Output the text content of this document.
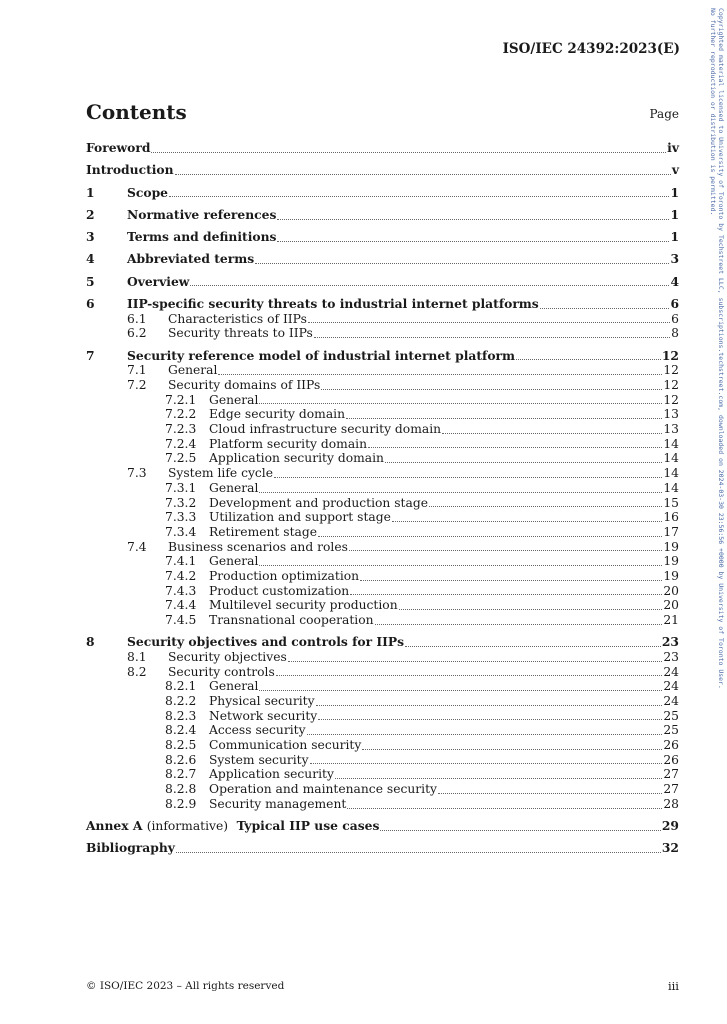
ISO/IEC 24392:2023(E)
Contents	Page
Foreword	iv
Introduction	v
1	Scope	1
2	Normative references	1
3	Terms and definitions	1
4	Abbreviated terms	3
5	Overview	4
6	IIP-specific security threats to industrial internet platforms	6
6.1	Characteristics of IIPs	6
6.2	Security threats to IIPs	8
7	Security reference model of industrial internet platform	12
7.1	General	12
7.2	Security domains of IIPs	12
7.2.1	General	12
7.2.2	Edge security domain	13
7.2.3	Cloud infrastructure security domain	13
7.2.4	Platform security domain	14
7.2.5	Application security domain	14
7.3	System life cycle	14
7.3.1	General	14
7.3.2	Development and production stage	15
7.3.3	Utilization and support stage	16
7.3.4	Retirement stage	17
7.4	Business scenarios and roles	19
7.4.1	General	19
7.4.2	Production optimization	19
7.4.3	Product customization	20
7.4.4	Multilevel security production	20
7.4.5	Transnational cooperation	21
8	Security objectives and controls for IIPs	23
8.1	Security objectives	23
8.2	Security controls	24
8.2.1	General	24
8.2.2	Physical security	24
8.2.3	Network security	25
8.2.4	Access security	25
8.2.5	Communication security	26
8.2.6	System security	26
8.2.7	Application security	27
8.2.8	Operation and maintenance security	27
8.2.9	Security management	28
Annex A (informative) Typical IIP use cases	29
Bibliography	32
© ISO/IEC 2023 – All rights reserved	iii
Copyrighted material licensed to University of Toronto by Techstreet LLC, subscriptions.techstreet.com, downloaded on 2024-03-30 23:56:56 +0000 by University of Toronto User.
No further reproduction or distribution is permitted.
